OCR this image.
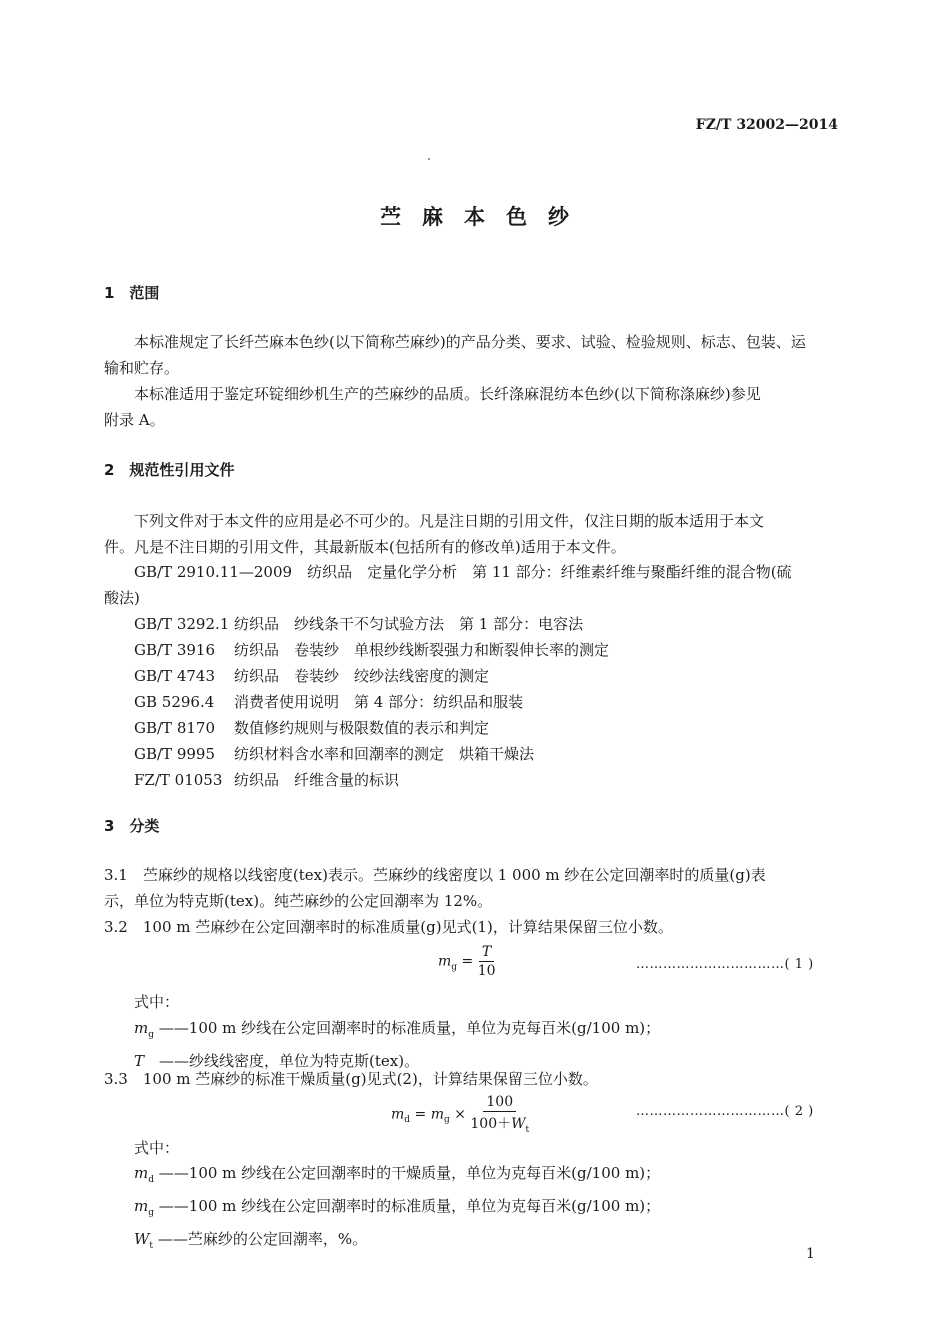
FZ/T 32002—2014
苎麻本色纱
1　范围
本标准规定了长纤苎麻本色纱(以下简称苎麻纱)的产品分类、要求、试验、检验规则、标志、包装、运
输和贮存。
本标准适用于鉴定环锭细纱机生产的苎麻纱的品质。长纤涤麻混纺本色纱(以下简称涤麻纱)参见
附录 A。
2　规范性引用文件
下列文件对于本文件的应用是必不可少的。凡是注日期的引用文件，仅注日期的版本适用于本文
件。凡是不注日期的引用文件，其最新版本(包括所有的修改单)适用于本文件。
GB/T 2910.11—2009　 纺织品　定量化学分析　第 11 部分：纤维素纤维与聚酯纤维的混合物(硫
酸法)
GB/T 3292.1 纺织品　纱线条干不匀试验方法　第 1 部分：电容法
GB/T 3916 纺织品　卷装纱　单根纱线断裂强力和断裂伸长率的测定
GB/T 4743 纺织品　卷装纱　绞纱法线密度的测定
GB 5296.4 消费者使用说明　第 4 部分：纺织品和服装
GB/T 8170 数值修约规则与极限数值的表示和判定
GB/T 9995 纺织材料含水率和回潮率的测定　烘箱干燥法
FZ/T 01053 纺织品　纤维含量的标识
3　分类
3.1　 苎麻纱的规格以线密度(tex)表示。苎麻纱的线密度以 1 000 m 纱在公定回潮率时的质量(g)表
示，单位为特克斯(tex)。纯苎麻纱的公定回潮率为 12%。
3.2　 100 m 苎麻纱在公定回潮率时的标准质量(g)见式(1)，计算结果保留三位小数。
$m_g = \frac{T}{10}$	……………………………( 1 )
式中：
$m_g$ ——100 m 纱线在公定回潮率时的标准质量，单位为克每百米(g/100 m)；
T　 ——纱线线密度，单位为特克斯(tex)。
3.3　 100 m 苎麻纱的标准干燥质量(g)见式(2)，计算结果保留三位小数。
$m_d = m_g \times \frac{100}{100+W_t}$	……………………………( 2 )
式中：
$m_d$ ——100 m 纱线在公定回潮率时的干燥质量，单位为克每百米(g/100 m)；
$m_g$ ——100 m 纱线在公定回潮率时的标准质量，单位为克每百米(g/100 m)；
$W_t$ ——苎麻纱的公定回潮率，%。
1
